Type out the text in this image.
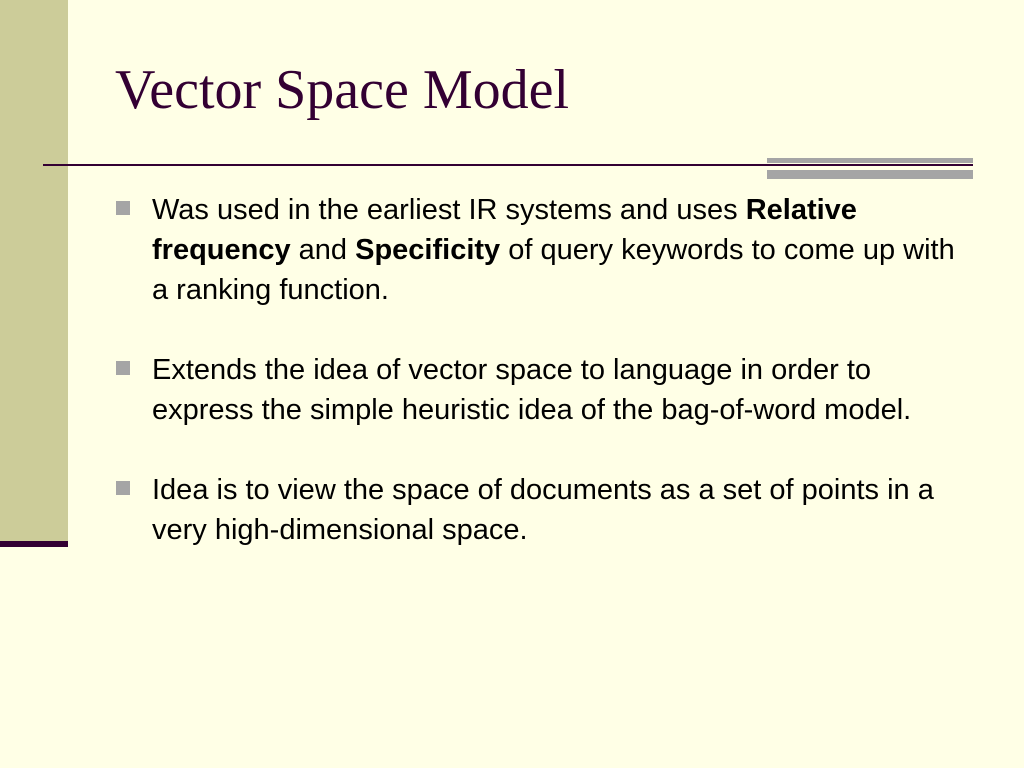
Vector Space Model
Was used in the earliest IR systems and uses Relative frequency and Specificity of query keywords to come up with a ranking function.
Extends the idea of vector space to language in order to express the simple heuristic idea of the bag-of-word model.
Idea is to view the space of documents as a set of points in a very high-dimensional space.
